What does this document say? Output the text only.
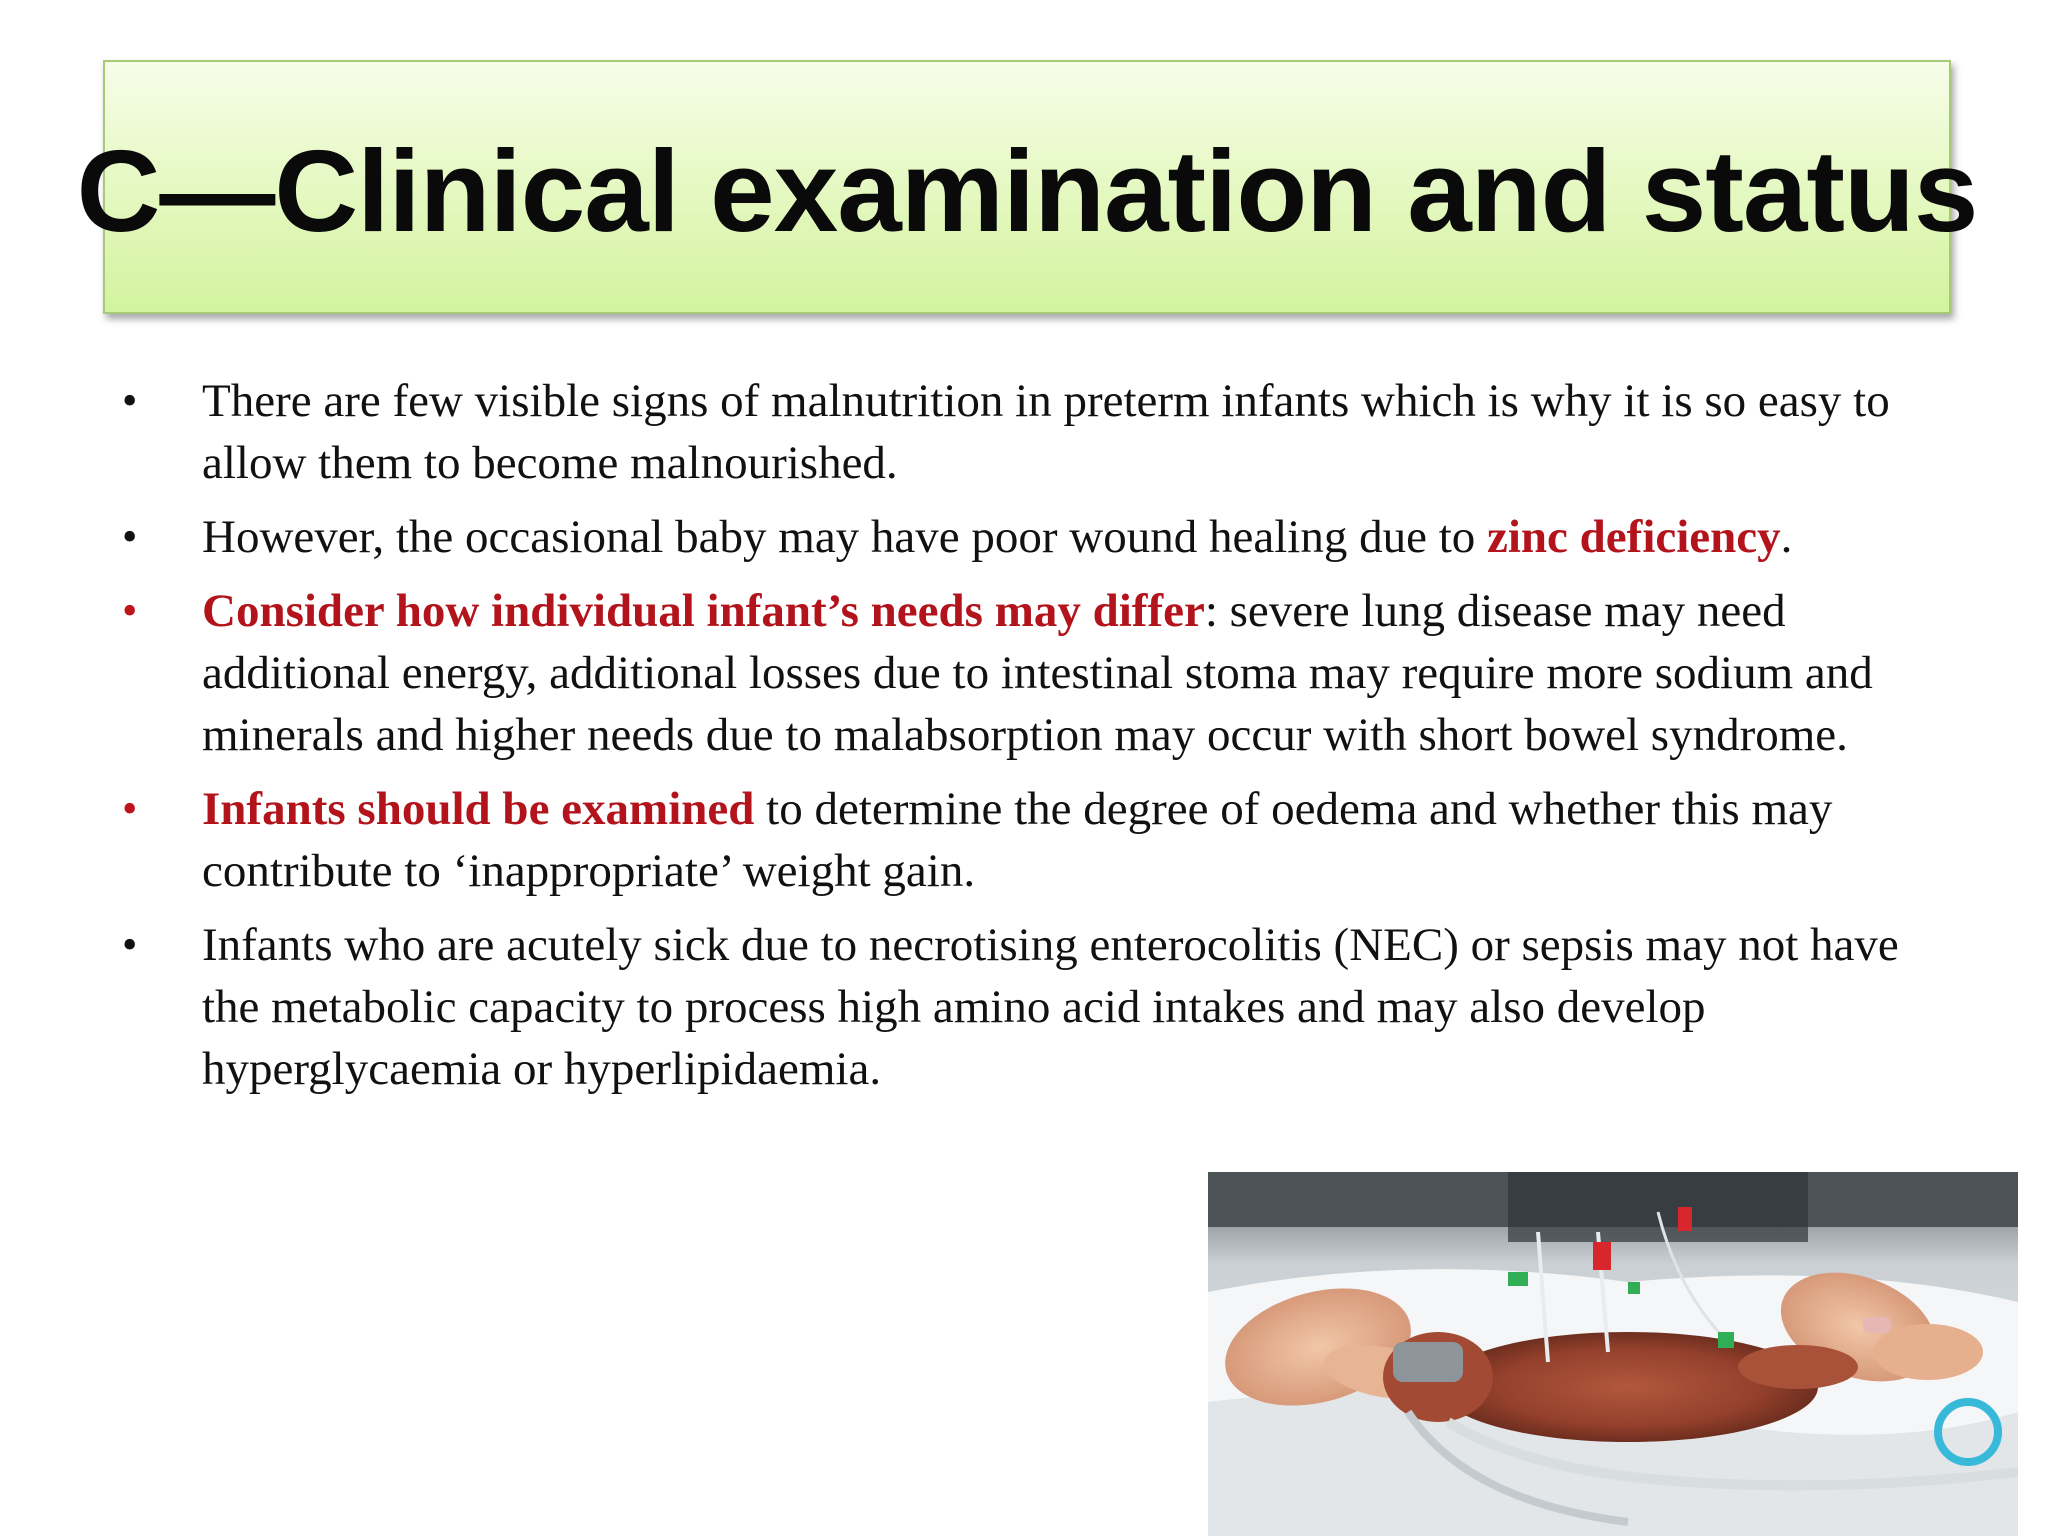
C—Clinical examination and status
• There are few visible signs of malnutrition in preterm infants which is why it is so easy to allow them to become malnourished.
• However, the occasional baby may have poor wound healing due to zinc deficiency.
• Consider how individual infant’s needs may differ: severe lung disease may need additional energy, additional losses due to intestinal stoma may require more sodium and minerals and higher needs due to malabsorption may occur with short bowel syndrome.
• Infants should be examined to determine the degree of oedema and whether this may contribute to ‘inappropriate’ weight gain.
• Infants who are acutely sick due to necrotising enterocolitis (NEC) or sepsis may not have the metabolic capacity to process high amino acid intakes and may also develop hyperglycaemia or hyperlipidaemia.
